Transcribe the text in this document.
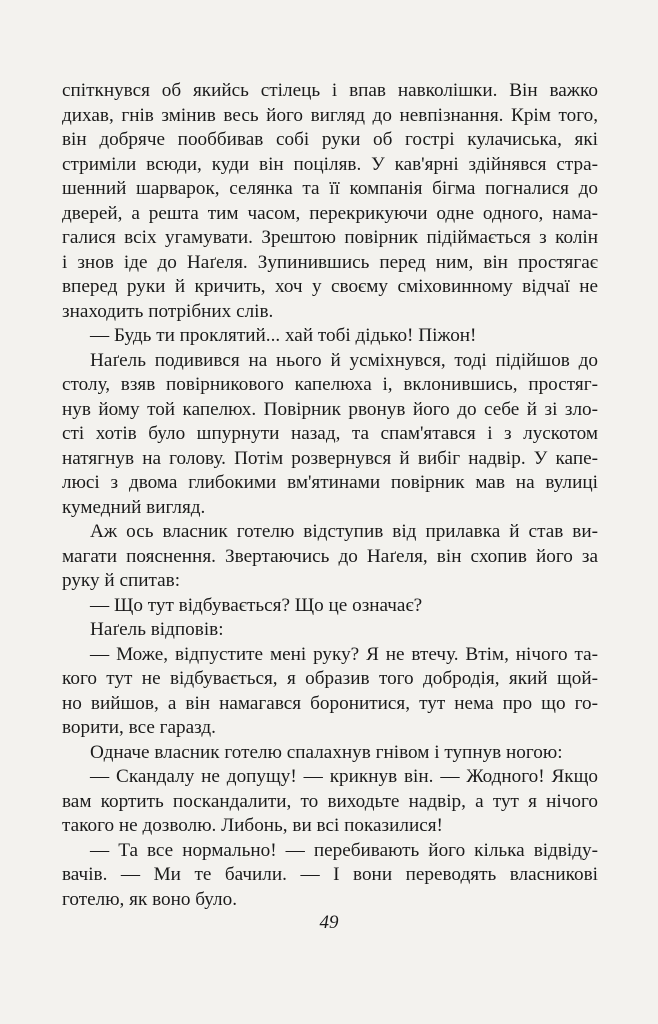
спіткнувся об якийсь стілець і впав навколішки. Він важко
дихав, гнів змінив весь його вигляд до невпізнання. Крім того,
він добряче пооббивав собі руки об гострі кулачиська, які
стриміли всюди, куди він поціляв. У кав'ярні здійнявся стра-
шенний шарварок, селянка та її компанія бігма погналися до
дверей, а решта тим часом, перекрикуючи одне одного, нама-
галися всіх угамувати. Зрештою повірник підіймається з колін
і знов іде до Наґеля. Зупинившись перед ним, він простягає
вперед руки й кричить, хоч у своєму сміховинному відчаї не
знаходить потрібних слів.

— Будь ти проклятий... хай тобі дідько! Піжон!

Наґель подивився на нього й усміхнувся, тоді підійшов до
столу, взяв повірникового капелюха і, вклонившись, простяг-
нув йому той капелюх. Повірник рвонув його до себе й зі зло-
сті хотів було шпурнути назад, та спам'ятався і з лускотом
натягнув на голову. Потім розвернувся й вибіг надвір. У капе-
люсі з двома глибокими вм'ятинами повірник мав на вулиці
кумедний вигляд.

Аж ось власник готелю відступив від прилавка й став ви-
магати пояснення. Звертаючись до Наґеля, він схопив його за
руку й спитав:

— Що тут відбувається? Що це означає?

Наґель відповів:

— Може, відпустите мені руку? Я не втечу. Втім, нічого та-
кого тут не відбувається, я образив того добродія, який щой-
но вийшов, а він намагався боронитися, тут нема про що го-
ворити, все гаразд.

Одначе власник готелю спалахнув гнівом і тупнув ногою:

— Скандалу не допущу! — крикнув він. — Жодного! Якщо
вам кортить поскандалити, то виходьте надвір, а тут я нічого
такого не дозволю. Либонь, ви всі показилися!

— Та все нормально! — перебивають його кілька відвіду-
вачів. — Ми те бачили. — І вони переводять власникові
готелю, як воно було.

49
